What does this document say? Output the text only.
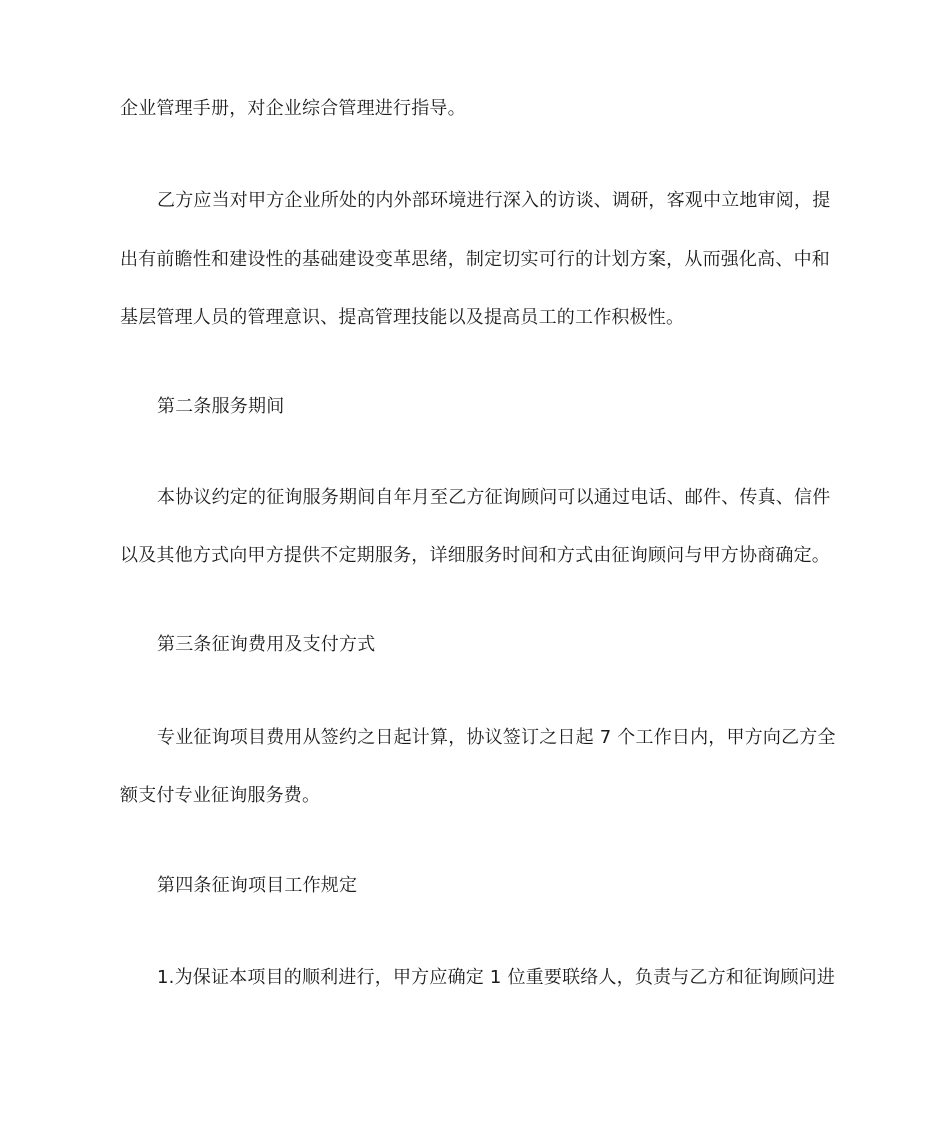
企业管理手册，对企业综合管理进行指导。
乙方应当对甲方企业所处的内外部环境进行深入的访谈、调研，客观中立地审阅，提
出有前瞻性和建设性的基础建设变革思绪，制定切实可行的计划方案，从而强化高、中和
基层管理人员的管理意识、提高管理技能以及提高员工的工作积极性。
第二条服务期间
本协议约定的征询服务期间自年月至乙方征询顾问可以通过电话、邮件、传真、信件
以及其他方式向甲方提供不定期服务，详细服务时间和方式由征询顾问与甲方协商确定。
第三条征询费用及支付方式
专业征询项目费用从签约之日起计算，协议签订之日起 7 个工作日内，甲方向乙方全
额支付专业征询服务费。
第四条征询项目工作规定
1.为保证本项目的顺利进行，甲方应确定 1 位重要联络人，负责与乙方和征询顾问进
